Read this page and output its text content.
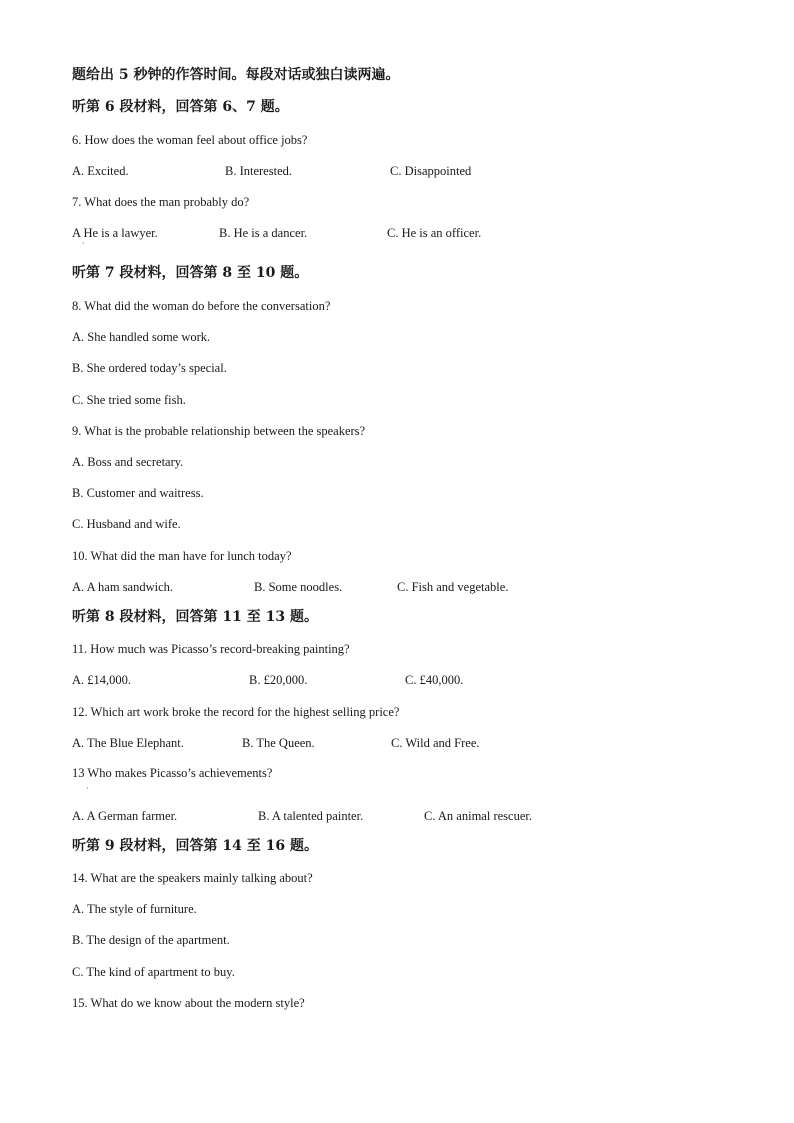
题给出 5 秒钟的作答时间。每段对话或独白读两遍。
听第 6 段材料，回答第 6、7 题。
6. How does the woman feel about office jobs?
A. Excited.	B. Interested.	C. Disappointed
7. What does the man probably do?
A He is a lawyer.
·
B. He is a dancer.	C. He is an officer.
听第 7 段材料，回答第 8 至 10 题。
8. What did the woman do before the conversation?
A. She handled some work.
B. She ordered today’s special.
C. She tried some fish.
9. What is the probable relationship between the speakers?
A. Boss and secretary.
B. Customer and waitress.
C. Husband and wife.
10. What did the man have for lunch today?
A. A ham sandwich.	B. Some noodles.	C. Fish and vegetable.
听第 8 段材料，回答第 11 至 13 题。
11. How much was Picasso’s record-breaking painting?
A. £14,000.	B. £20,000.	C. £40,000.
12. Which art work broke the record for the highest selling price?
A. The Blue Elephant.	B. The Queen.	C. Wild and Free.
13 Who makes Picasso’s achievements?
·
A. A German farmer.	B. A talented painter.	C. An animal rescuer.
听第 9 段材料，回答第 14 至 16 题。
14. What are the speakers mainly talking about?
A. The style of furniture.
B. The design of the apartment.
C. The kind of apartment to buy.
15. What do we know about the modern style?
